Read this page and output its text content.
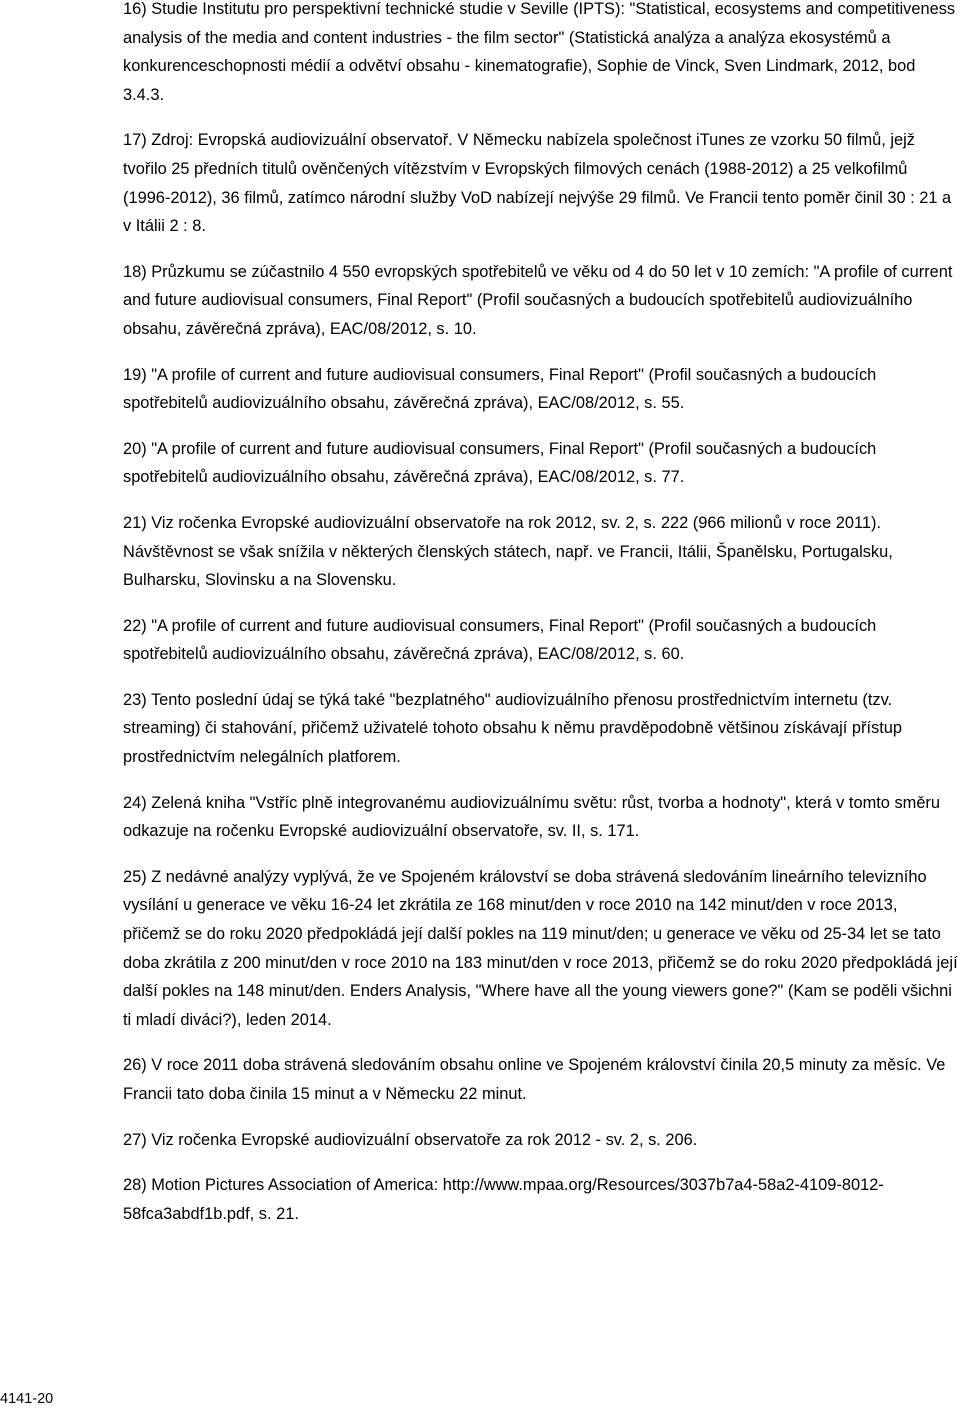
16) Studie Institutu pro perspektivní technické studie v Seville (IPTS): "Statistical, ecosystems and competitiveness analysis of the media and content industries - the film sector" (Statistická analýza a analýza ekosystémů a konkurenceschopnosti médií a odvětví obsahu - kinematografie), Sophie de Vinck, Sven Lindmark, 2012, bod 3.4.3.

17) Zdroj: Evropská audiovizuální observatoř. V Německu nabízela společnost iTunes ze vzorku 50 filmů, jejž tvořilo 25 předních titulů ověnčených vítězstvím v Evropských filmových cenách (1988-2012) a 25 velkofilmů (1996-2012), 36 filmů, zatímco národní služby VoD nabízejí nejvýše 29 filmů. Ve Francii tento poměr činil 30 : 21 a v Itálii 2 : 8.

18) Průzkumu se zúčastnilo 4 550 evropských spotřebitelů ve věku od 4 do 50 let v 10 zemích: "A profile of current and future audiovisual consumers, Final Report" (Profil současných a budoucích spotřebitelů audiovizuálního obsahu, závěrečná zpráva), EAC/08/2012, s. 10.

19) "A profile of current and future audiovisual consumers, Final Report" (Profil současných a budoucích spotřebitelů audiovizuálního obsahu, závěrečná zpráva), EAC/08/2012, s. 55.

20) "A profile of current and future audiovisual consumers, Final Report" (Profil současných a budoucích spotřebitelů audiovizuálního obsahu, závěrečná zpráva), EAC/08/2012, s. 77.

21) Viz ročenka Evropské audiovizuální observatoře na rok 2012, sv. 2, s. 222 (966 milionů v roce 2011). Návštěvnost se však snížila v některých členských státech, např. ve Francii, Itálii, Španělsku, Portugalsku, Bulharsku, Slovinsku a na Slovensku.

22) "A profile of current and future audiovisual consumers, Final Report" (Profil současných a budoucích spotřebitelů audiovizuálního obsahu, závěrečná zpráva), EAC/08/2012, s. 60.

23) Tento poslední údaj se týká také "bezplatného" audiovizuálního přenosu prostřednictvím internetu (tzv. streaming) či stahování, přičemž uživatelé tohoto obsahu k němu pravděpodobně většinou získávají přístup prostřednictvím nelegálních platforem.

24) Zelená kniha "Vstříc plně integrovanému audiovizuálnímu světu: růst, tvorba a hodnoty", která v tomto směru odkazuje na ročenku Evropské audiovizuální observatoře, sv. II, s. 171.

25) Z nedávné analýzy vyplývá, že ve Spojeném království se doba strávená sledováním lineárního televizního vysílání u generace ve věku 16-24 let zkrátila ze 168 minut/den v roce 2010 na 142 minut/den v roce 2013, přičemž se do roku 2020 předpokládá její další pokles na 119 minut/den; u generace ve věku od 25-34 let se tato doba zkrátila z 200 minut/den v roce 2010 na 183 minut/den v roce 2013, přičemž se do roku 2020 předpokládá její další pokles na 148 minut/den. Enders Analysis, "Where have all the young viewers gone?" (Kam se poděli všichni ti mladí diváci?), leden 2014.

26) V roce 2011 doba strávená sledováním obsahu online ve Spojeném království činila 20,5 minuty za měsíc. Ve Francii tato doba činila 15 minut a v Německu 22 minut.

27) Viz ročenka Evropské audiovizuální observatoře za rok 2012 - sv. 2, s. 206.

28) Motion Pictures Association of America: http://www.mpaa.org/Resources/3037b7a4-58a2-4109-8012- 58fca3abdf1b.pdf, s. 21.

4141-20
